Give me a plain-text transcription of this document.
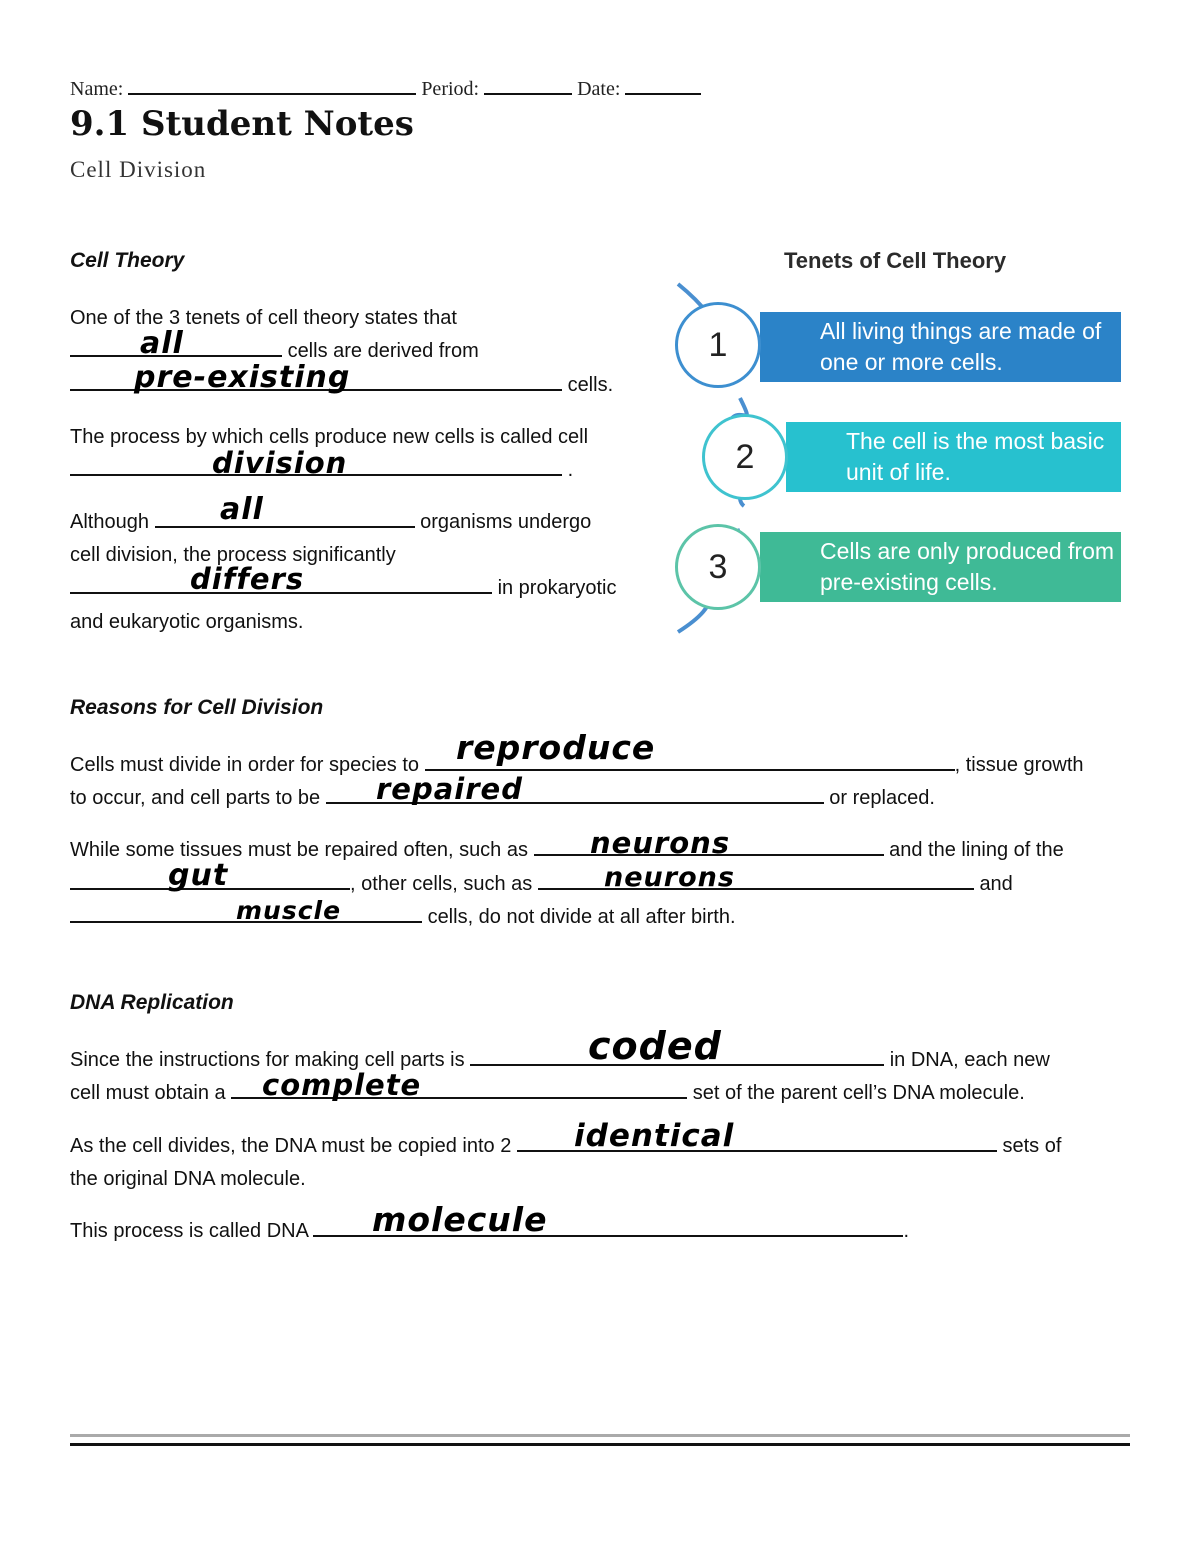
Name:	Period:	Date:
9.1 Student Notes
Cell Division
Cell Theory
One of the 3 tenets of cell theory states that
cells are derived from
all
cells.
pre-existing
The process by which cells produce new cells is called cell
.
division
Although	organisms undergo
all
cell division, the process significantly
in prokaryotic
differs
and eukaryotic organisms.
Tenets of Cell Theory
All living things are made of
one or more cells.
1
The cell is the most basic
unit of life.
2
Cells are only produced from
pre-existing cells.
3
Reasons for Cell Division
Cells must divide in order for species to	, tissue growth
reproduce
to occur, and cell parts to be	or replaced.
repaired
While some tissues must be repaired often, such as	and the lining of the
neurons
, other cells, such as	and
gut	neurons
cells, do not divide at all after birth.
muscle
DNA Replication
Since the instructions for making cell parts is	in DNA, each new
coded
cell must obtain a	set of the parent cell’s DNA molecule.
complete
As the cell divides, the DNA must be copied into 2	sets of
identical
the original DNA molecule.
This process is called DNA	.
molecule
